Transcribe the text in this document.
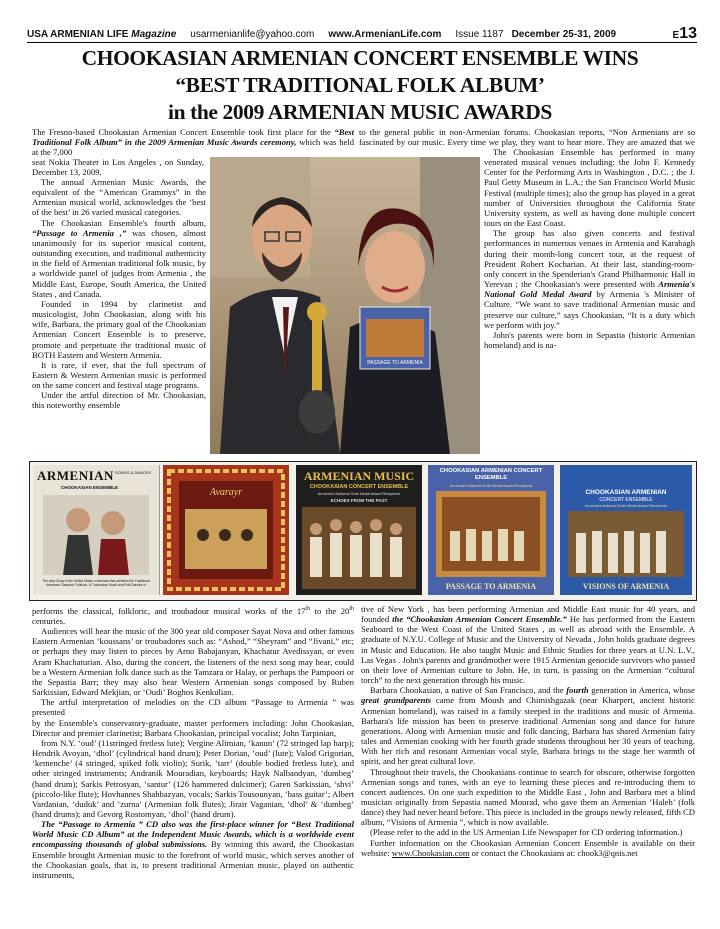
USA ARMENIAN LIFE Magazine usarmenianlife@yahoo.com www.ArmenianLife.com Issue 1187 December 25-31, 2009	E13
CHOOKASIAN ARMENIAN CONCERT ENSEMBLE WINS
“BEST TRADITIONAL FOLK ALBUM’
in the 2009 ARMENIAN MUSIC AWARDS

The Fresno-based Chookasian Armenian Concert Ensemble took first place for the “Best Traditional Folk Album” in the 2009 Armenian Music Awards ceremony, which was held at the 7,000

seat Nokia Theater in Los Angeles , on Sunday, December 13, 2009.

The annual Armenian Music Awards, the equivalent of the “American Grammys” in the Armenian musical world, acknowledges the ‘best of the best’ in 26 varied musical categories.

The Chookasian Ensemble's fourth album, “Passage to Armenia ,” was chosen, almost unanimously for its superior musical content, outstanding execution, and traditional authenticity in the field of Armenian traditional folk music, by a worldwide panel of judges from Armenia , the Middle East, Europe, South America, the United States , and Canada.

Founded in 1994 by clarinetist and musicologist, John Chookasian, along with his wife, Barbara, the primary goal of the Chookasian Armenian Concert Ensemble is to preserve, promote and perpetuate the traditional music of BOTH Eastern and Western Armenia.

It is rare, if ever, that the full spectrum of Eastern & Western Armenian music is performed on the same concert and festival stage programs.

Under the artful direction of Mr. Chookasian, this noteworthy ensemble

to the general public in non-Armenian forums. Chookasian reports, “Non Armenians are so fascinated by our music. Every time we play, they want to hear more. They are amazed that we

The Chookasian Ensemble has performed in many venerated musical venues including: the John F. Kennedy Center for the Performing Arts in Washington , D.C. ; the J. Paul Getty Museum in L.A.; the San Francisco World Music Festival (multiple times); also the group has played in a great number of Universities throughout the California State University system, as well as having done multiple concert tours on the East Coast.

The group has also given concerts and festival performances in numerous venues in Armenia and Karabagh during their month-long concert tour, at the request of President Robert Kocharian. At their last, standing-room-only concert in the Spenderian's Grand Philharmonic Hall in Yerevan ; the Chookasian's were presented with Armenia's National Gold Medal Award by Armenia 's Minister of Culture. “We want to save traditional Armenian music and preserve our culture,” says Chookasian, “It is a duty which we perform with joy.”

John's parents were born in Sepastia (historic Armenian homeland) and is na-

PASSAGE TO ARMENIA
ARMENIAN SONGS & DANCES
CHOOKASIAN ENSEMBLE
The only Group in the United States of America that performs the Traditional Armenian Classical, Folkloric, & Troubadour Music and Folk Dances of
Avarayr
ARMENIAN MUSIC
CHOOKASIAN CONCERT ENSEMBLE
Armenia's National Gold Medal Award Recipients
ECHOES FROM THE PAST
CHOOKASIAN ARMENIAN CONCERT ENSEMBLE
Armenia's National Gold Medal Award Recipients
PASSAGE TO ARMENIA
CHOOKASIAN ARMENIAN
CONCERT ENSEMBLE
Armenia's National Gold Medal Award Recipients
VISIONS OF ARMENIA

performs the classical, folkloric, and troubadour musical works of the 17th to the 20th centuries.

Audiences will hear the music of the 300 year old composer Sayat Nova and other famous Eastern Armenian ‘koussans’ or troubadores such as: “Ashod,” “Sheyram” and “Jivani,” etc; or perhaps they may listen to pieces by Arno Babajanyan, Khachatur Avedissyan, or even Aram Khachaturian. Also, during the concert, the listeners of the next song may hear, could be a Western Armenian folk dance such as the Tamzara or Halay, or perhaps the Pampoori or the Sepastia Barr; they may also hear Western Armenian songs composed by Ruben Sarkissian, Edward Mekjian, or ‘Oudi’ Boghos Kenkulian.

The artful interpretation of melodies on the CD album “Passage to Armenia ” was presented

by the Ensemble's conservatory-graduate, master performers including: John Chookasian, Director and premier clarinetist; Barbara Chookasian, principal vocalist; John Tarpinian,

from N.Y. ‘oud’ (11stringed fretless lute); Vergine Alimian, ‘kanun’ (72 stringed lap harp); Hendrik Avoyan, ‘dhol’ (cylindrical hand drum); Peter Dorian, ‘oud’ (lute); Valod Grigorian, ‘kemenche’ (4 stringed, spiked folk violin); Surik, ‘tarr’ (double bodied fretless lute), and other stringed instruments; Andranik Mouradian, keyboards; Hayk Nalbandyan, ‘dumbeg’ (hand drum); Sarkis Petrosyan, ‘santur’ (126 hammered dulcimer); Garen Sarkissian, ‘shvi’ (piccolo-like flute); Hovhannes Shahbazyan, vocals; Sarkis Tousounyan, ‘bass guitar’; Albert Vardanian, ‘duduk’ and ‘zurna’ (Armenian folk flutes); Jirair Vaganian, ‘dhol’ & ‘dumbeg’ (hand drums); and Gevorg Rostomyan, ‘dhol’ (hand drum).

The “Passage to Armenia ” CD also was the first-place winner for “Best Traditional World Music CD Album” at the Independent Music Awards, which is a worldwide event encompassing thousands of global submissions. By winning this award, the Chookasian Ensemble brought Armenian music to the forefront of world music, which serves another of the Chookasian goals, that is, to present traditional Armenian music, played on authentic instruments,

tive of New York , has been performing Armenian and Middle East music for 40 years, and founded the “Chookasian Armenian Concert Ensemble.” He has performed from the Eastern Seaboard to the West Coast of the United States , as well as abroad with the Ensemble. A graduate of N.Y.U. College of Music and the University of Nevada , John holds graduate degrees in Music and Education. He also taught Music and Ethnic Studies for three years at U.N. L.V., Las Vegas . John's parents and grandmother were 1915 Armenian genocide survivors who passed on their love of Armenian culture to John. He, in turn, is passing on the Armenian “cultural torch” to the next generation through his music.

Barbara Chookasian, a native of San Francisco, and the fourth generation in America, whose great grandparents came from Moush and Chimishgazak (near Kharpert, ancient historic Armenian homeland), was raised in a family steeped in the traditions and music of Armenia. Barbara's life mission has been to preserve traditional Armenian song and dance for future generations. Along with Armenian music and folk dancing, Barbara has shared Armenian fairy tales and Armenian cooking with her fourth grade students throughout her 30 years of teaching. With her rich and resonant Armenian vocal style, Barbara brings to the stage her warmth of spirit, and her great cultural love.

Throughout their travels, the Chookasians continue to search for obscure, otherwise forgotten Armenian songs and tunes, with an eye to learning these pieces and re-introducing them to concert audiences. On one such expedition to the Middle East , John and Barbara met a blind musician originally from Sepastia named Mourad, who gave them an Armenian ‘Haleh’ (folk dance) they had never heard before. This piece is included in the groups newly released, fifth CD album, “Visions of Armenia ”, which is now available.

(Please refer to the add in the US Armenian Life Newspaper for CD ordering information.)

Further information on the Chookasian Armenian Concert Ensemble is available on their website: www.Chookasian.com or contact the Chookasians at: chook3@qnis.net
